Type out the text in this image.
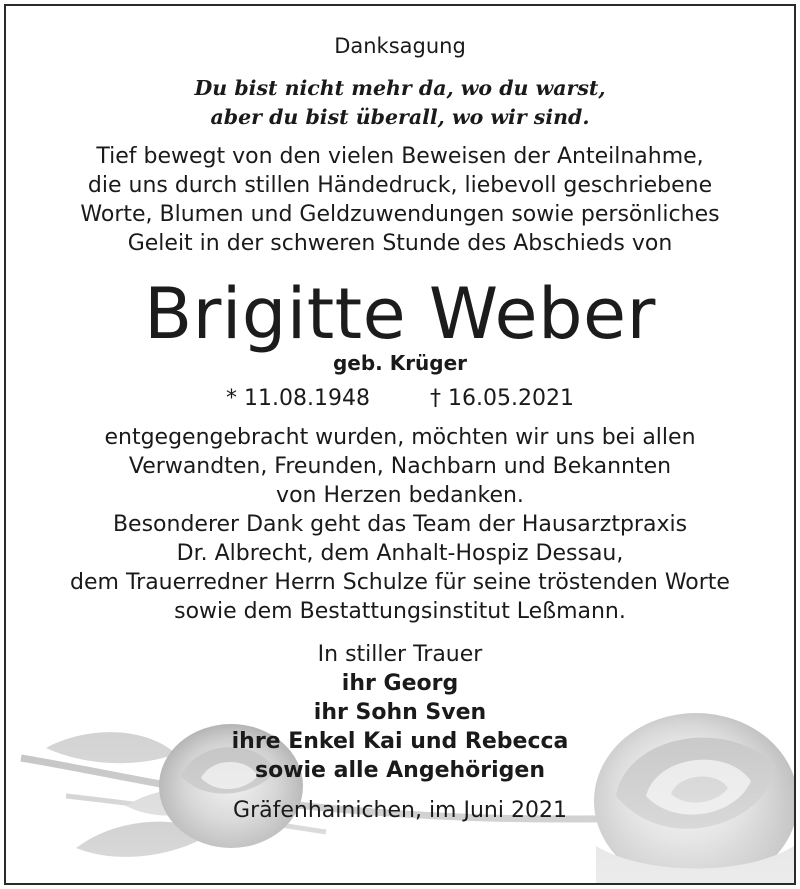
Danksagung
Du bist nicht mehr da, wo du warst,
aber du bist überall, wo wir sind.
Tief bewegt von den vielen Beweisen der Anteilnahme,
die uns durch stillen Händedruck, liebevoll geschriebene
Worte, Blumen und Geldzuwendungen sowie persönliches
Geleit in der schweren Stunde des Abschieds von
Brigitte Weber
geb. Krüger
* 11.08.1948	† 16.05.2021
entgegengebracht wurden, möchten wir uns bei allen
Verwandten, Freunden, Nachbarn und Bekannten
von Herzen bedanken.
Besonderer Dank geht das Team der Hausarztpraxis
Dr. Albrecht, dem Anhalt-Hospiz Dessau,
dem Trauerredner Herrn Schulze für seine tröstenden Worte
sowie dem Bestattungsinstitut Leßmann.
In stiller Trauer
ihr Georg
ihr Sohn Sven
ihre Enkel Kai und Rebecca
sowie alle Angehörigen
Gräfenhainichen, im Juni 2021
